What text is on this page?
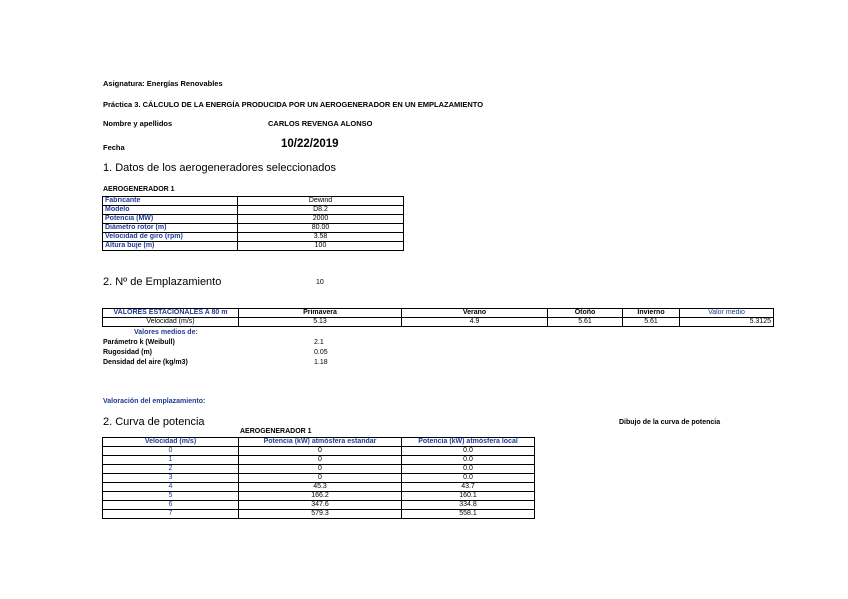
Asignatura: Energías Renovables
Práctica 3. CÁLCULO DE LA ENERGÍA PRODUCIDA POR UN AEROGENERADOR EN UN EMPLAZAMIENTO
Nombre y apellidos	CARLOS REVENGA ALONSO
Fecha	10/22/2019
1. Datos de los aerogeneradores seleccionados
AEROGENERADOR 1
Fabricante	Dewind
Modelo	D8.2
Potencia (MW)	2000
Diámetro rotor (m)	80.00
Velocidad de giro (rpm)	3.58
Altura buje (m)	100
2. Nº de Emplazamiento	10
VALORES ESTACIONALES A 80 m	Primavera	Verano	Otoño	Invierno	Valor medio
Velocidad (m/s)	5.13	4.9	5.61	5.61	5.3125
Valores medios de:
Parámetro k (Weibull)	2.1
Rugosidad (m)	0.05
Densidad del aire (kg/m3)	1.18
Valoración del emplazamiento:
2. Curva de potencia	Dibujo de la curva de potencia
AEROGENERADOR 1
Velocidad (m/s)	Potencia (kW) atmósfera estandar	Potencia (kW) atmósfera local
0	0	0.0
1	0	0.0
2	0	0.0
3	0	0.0
4	45.3	43.7
5	166.2	160.1
6	347.6	334.8
7	579.3	558.1
